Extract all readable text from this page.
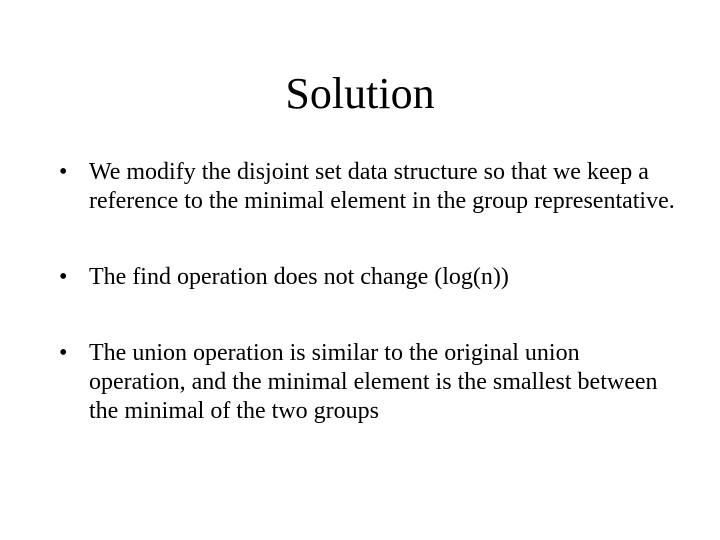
Solution
• We modify the disjoint set data structure so that we keep a reference to the minimal element in the group representative.
• The find operation does not change (log(n))
• The union operation is similar to the original union operation, and the minimal element is the smallest between the minimal of the two groups
